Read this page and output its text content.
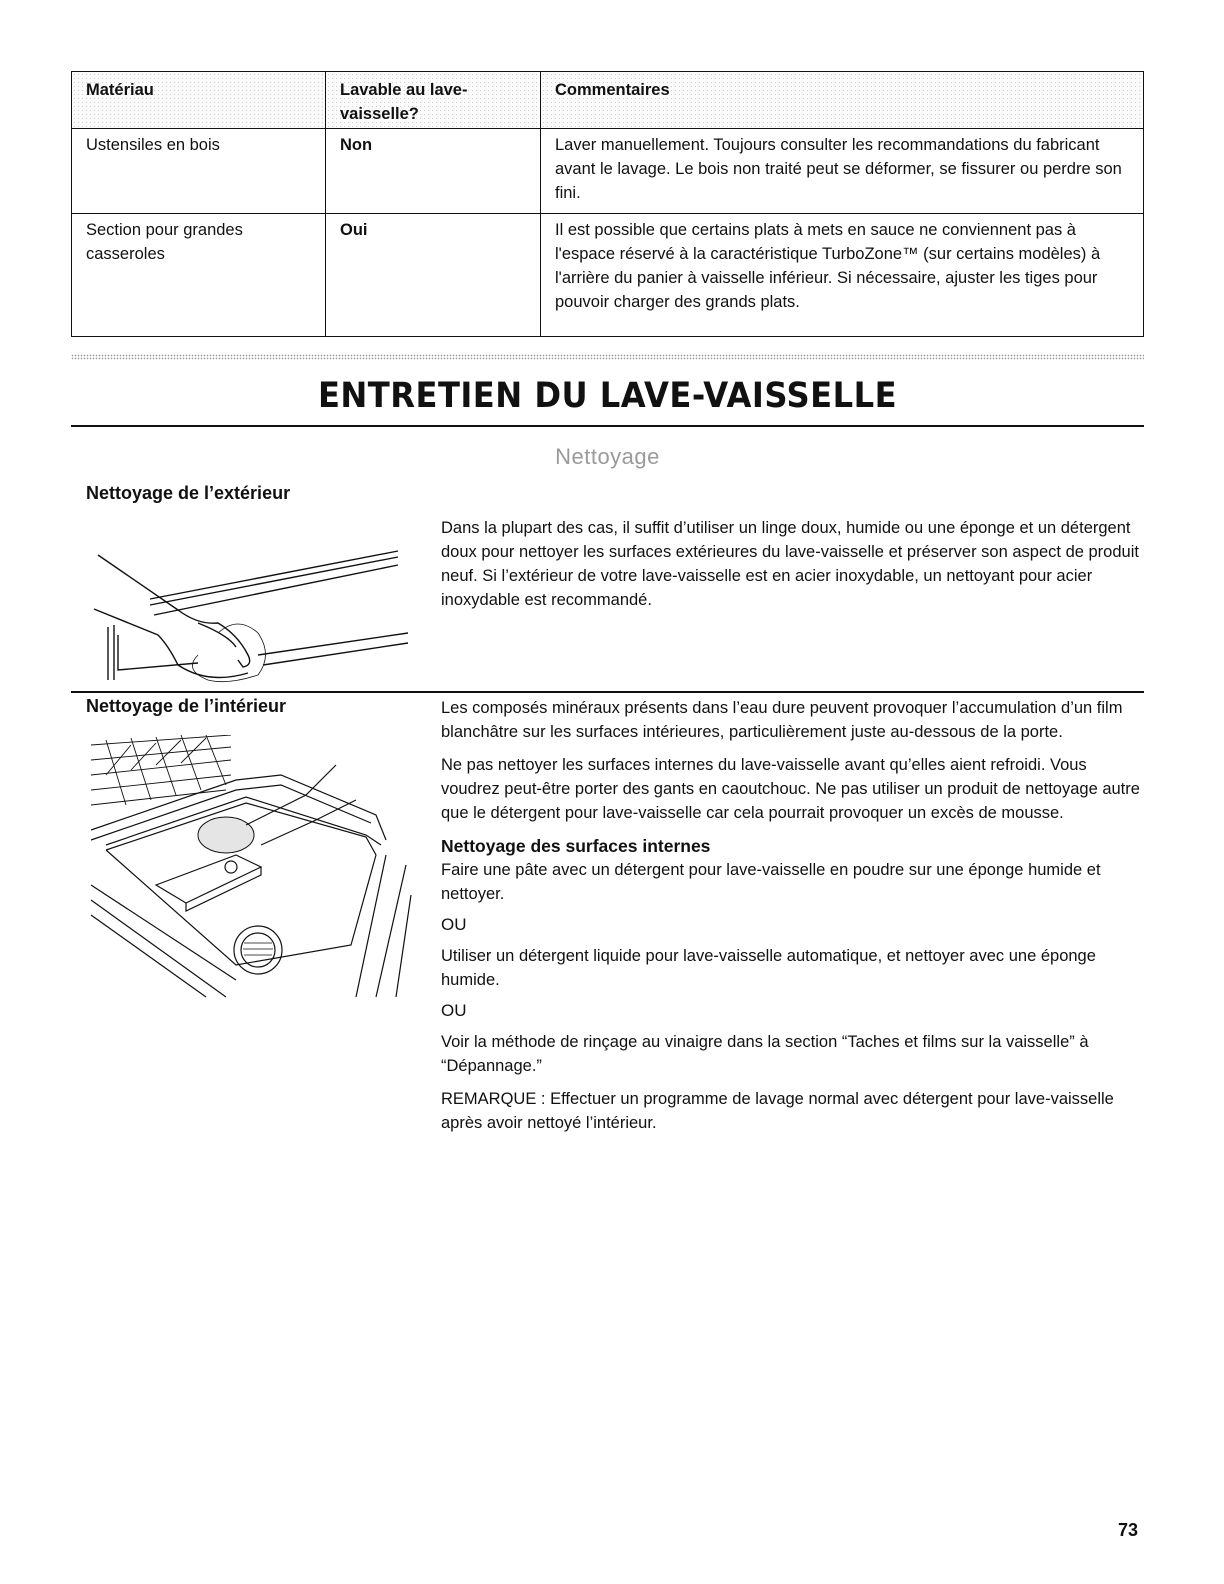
Matériau	Lavable au lave-vaisselle?	Commentaires
Ustensiles en bois	Non	Laver manuellement. Toujours consulter les recommandations du fabricant avant le lavage. Le bois non traité peut se déformer, se fissurer ou perdre son fini.
Section pour grandes casseroles	Oui	Il est possible que certains plats à mets en sauce ne conviennent pas à l'espace réservé à la caractéristique TurboZone™ (sur certains modèles) à l'arrière du panier à vaisselle inférieur. Si nécessaire, ajuster les tiges pour pouvoir charger des grands plats.
ENTRETIEN DU LAVE-VAISSELLE
Nettoyage
Nettoyage de l’extérieur
Dans la plupart des cas, il suffit d’utiliser un linge doux, humide ou une éponge et un détergent doux pour nettoyer les surfaces extérieures du lave-vaisselle et préserver son aspect de produit neuf. Si l’extérieur de votre lave-vaisselle est en acier inoxydable, un nettoyant pour acier inoxydable est recommandé.
Nettoyage de l’intérieur	Les composés minéraux présents dans l’eau dure peuvent provoquer l’accumulation d’un film blanchâtre sur les surfaces intérieures, particulièrement juste au-dessous de la porte.

Ne pas nettoyer les surfaces internes du lave-vaisselle avant qu’elles aient refroidi. Vous voudrez peut-être porter des gants en caoutchouc. Ne pas utiliser un produit de nettoyage autre que le détergent pour lave-vaisselle car cela pourrait provoquer un excès de mousse.

Nettoyage des surfaces internes

Faire une pâte avec un détergent pour lave-vaisselle en poudre sur une éponge humide et nettoyer.

OU

Utiliser un détergent liquide pour lave-vaisselle automatique, et nettoyer avec une éponge humide.

OU

Voir la méthode de rinçage au vinaigre dans la section “Taches et films sur la vaisselle” à “Dépannage.”

REMARQUE : Effectuer un programme de lavage normal avec détergent pour lave-vaisselle après avoir nettoyé l’intérieur.

73
